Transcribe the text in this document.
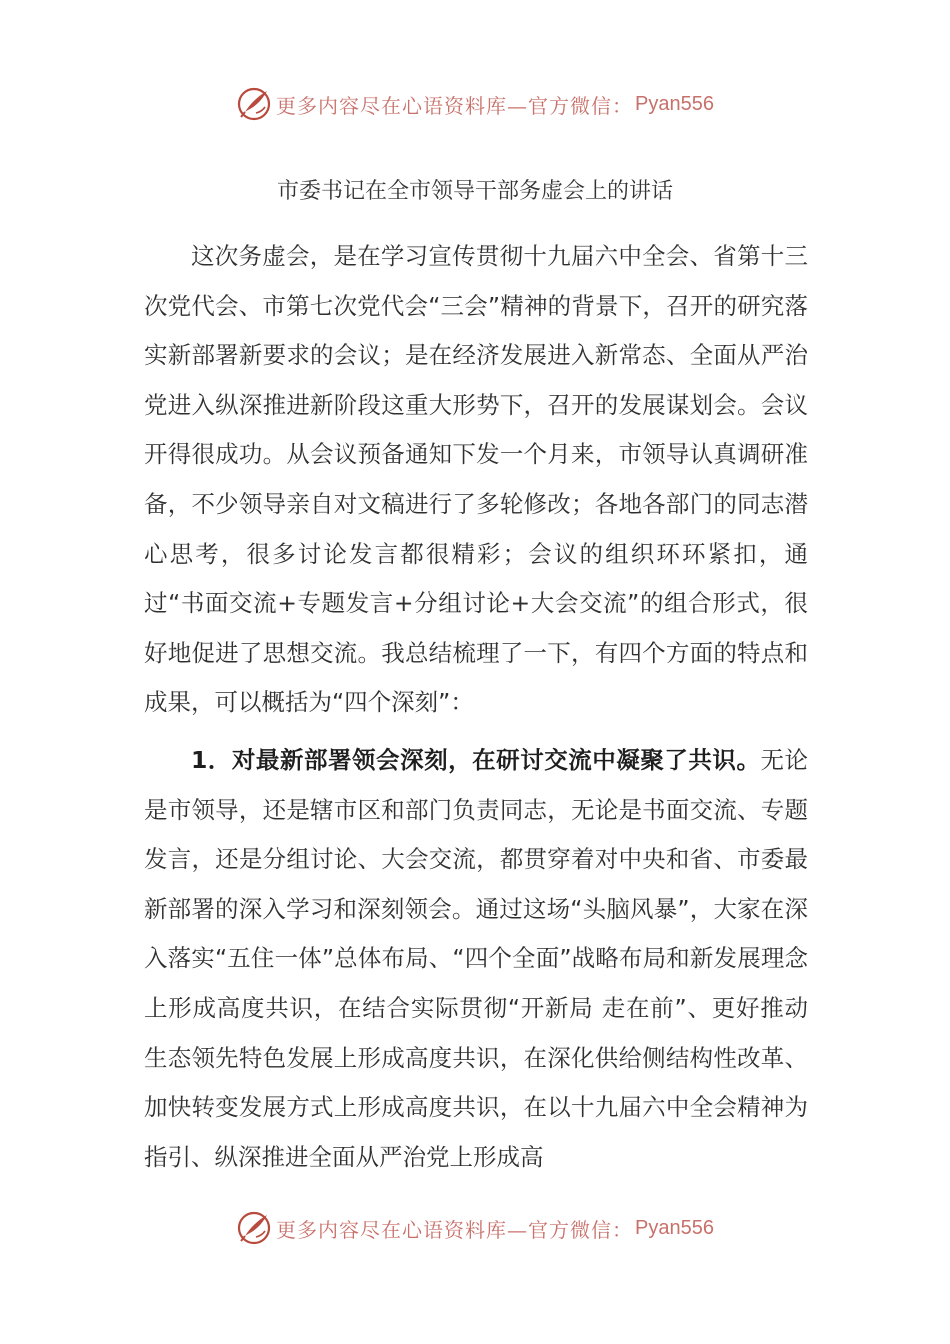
更多内容尽在心语资料库—官方微信： Pyan556
市委书记在全市领导干部务虚会上的讲话

这次务虚会，是在学习宣传贯彻十九届六中全会、省第十三次党代会、市第七次党代会“三会”精神的背景下，召开的研究落实新部署新要求的会议；是在经济发展进入新常态、全面从严治党进入纵深推进新阶段这重大形势下，召开的发展谋划会。会议开得很成功。从会议预备通知下发一个月来，市领导认真调研准备，不少领导亲自对文稿进行了多轮修改；各地各部门的同志潜心思考，很多讨论发言都很精彩；会议的组织环环紧扣，通过“书面交流+专题发言+分组讨论+大会交流”的组合形式，很好地促进了思想交流。我总结梳理了一下，有四个方面的特点和成果，可以概括为“四个深刻”：

1．对最新部署领会深刻，在研讨交流中凝聚了共识。无论是市领导，还是辖市区和部门负责同志，无论是书面交流、专题发言，还是分组讨论、大会交流，都贯穿着对中央和省、市委最新部署的深入学习和深刻领会。通过这场“头脑风暴”，大家在深入落实“五住一体”总体布局、“四个全面”战略布局和新发展理念上形成高度共识，在结合实际贯彻“开新局 走在前”、更好推动生态领先特色发展上形成高度共识，在深化供给侧结构性改革、加快转变发展方式上形成高度共识，在以十九届六中全会精神为指引、纵深推进全面从严治党上形成高

更多内容尽在心语资料库—官方微信： Pyan556
